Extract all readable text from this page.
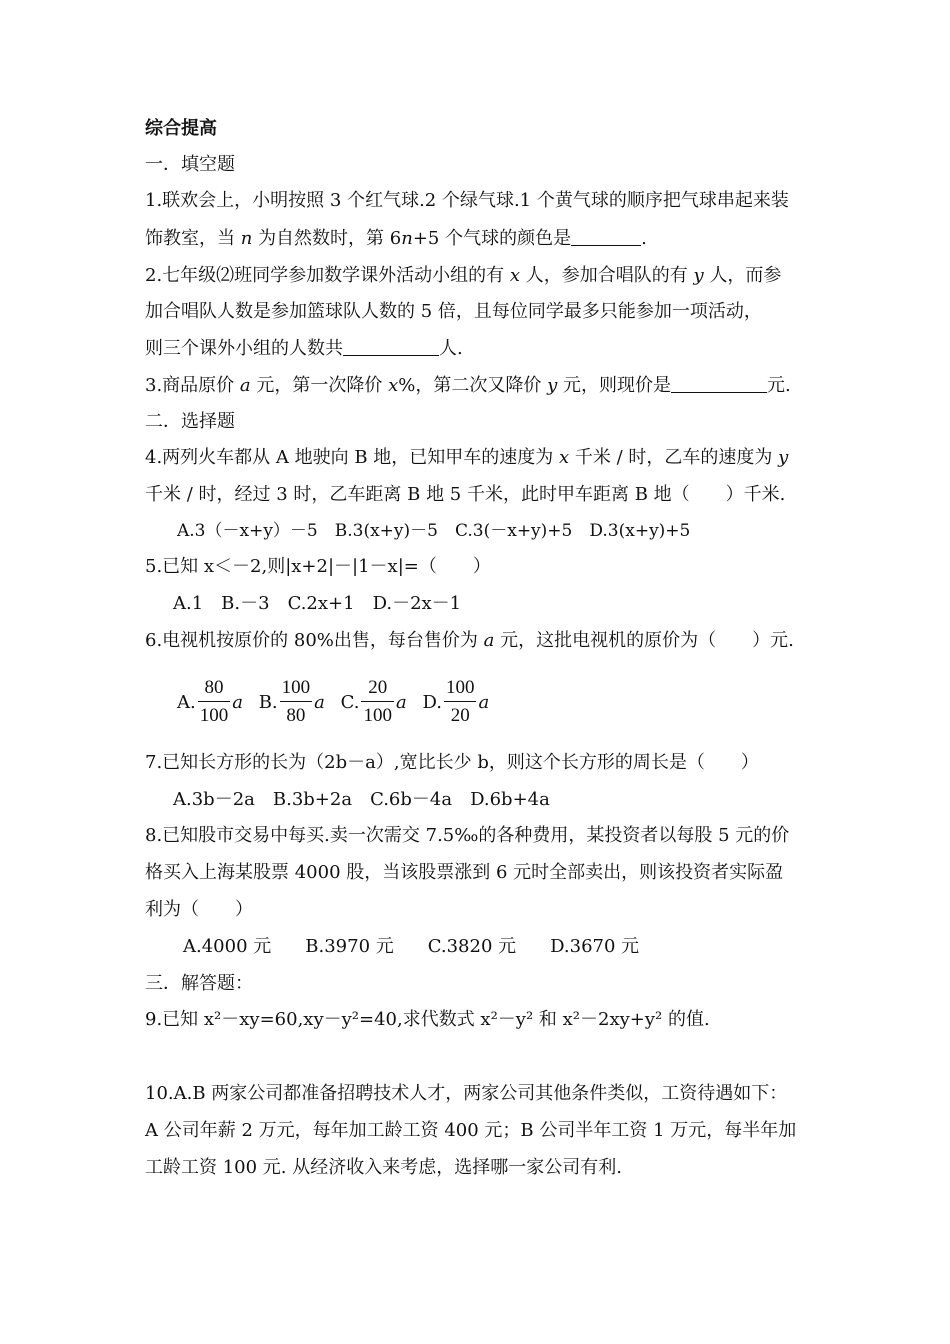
综合提高
一．填空题
1.联欢会上，小明按照 3 个红气球.2 个绿气球.1 个黄气球的顺序把气球串起来装
饰教室，当 n 为自然数时，第 6n+5 个气球的颜色是	.
2.七年级⑵班同学参加数学课外活动小组的有 x 人，参加合唱队的有 y 人，而参
加合唱队人数是参加篮球队人数的 5 倍，且每位同学最多只能参加一项活动，
则三个课外小组的人数共	人.
3.商品原价 a 元，第一次降价 x%，第二次又降价 y 元，则现价是	元.
二．选择题
4.两列火车都从 A 地驶向 B 地，已知甲车的速度为 x 千米 / 时，乙车的速度为 y
千米 / 时，经过 3 时，乙车距离 B 地 5 千米，此时甲车距离 B 地（　　）千米.
A.3（－x+y）－5　B.3(x+y)－5　C.3(－x+y)+5　D.3(x+y)+5
5.已知 x＜－2,则|x+2|－|1－x|=（　　）
A.1　B.－3　C.2x+1　D.－2x－1
6.电视机按原价的 80%出售，每台售价为 a 元，这批电视机的原价为（　　）元.
A. $\frac{80}{100}$ a B. $\frac{100}{80}$ a C. $\frac{20}{100}$ a D. $\frac{100}{20}$ a
7.已知长方形的长为（2b－a）,宽比长少 b，则这个长方形的周长是（　　）
A.3b－2a　B.3b+2a　C.6b－4a　D.6b+4a
8.已知股市交易中每买.卖一次需交 7.5‰的各种费用，某投资者以每股 5 元的价
格买入上海某股票 4000 股，当该股票涨到 6 元时全部卖出，则该投资者实际盈
利为（　　）
A.4000 元 B.3970 元 C.3820 元 D.3670 元
三．解答题：
9.已知 x²－xy=60,xy－y²=40,求代数式 x²－y² 和 x²－2xy+y² 的值.
10.A.B 两家公司都准备招聘技术人才，两家公司其他条件类似，工资待遇如下：
A 公司年薪 2 万元，每年加工龄工资 400 元；B 公司半年工资 1 万元，每半年加
工龄工资 100 元. 从经济收入来考虑，选择哪一家公司有利.
